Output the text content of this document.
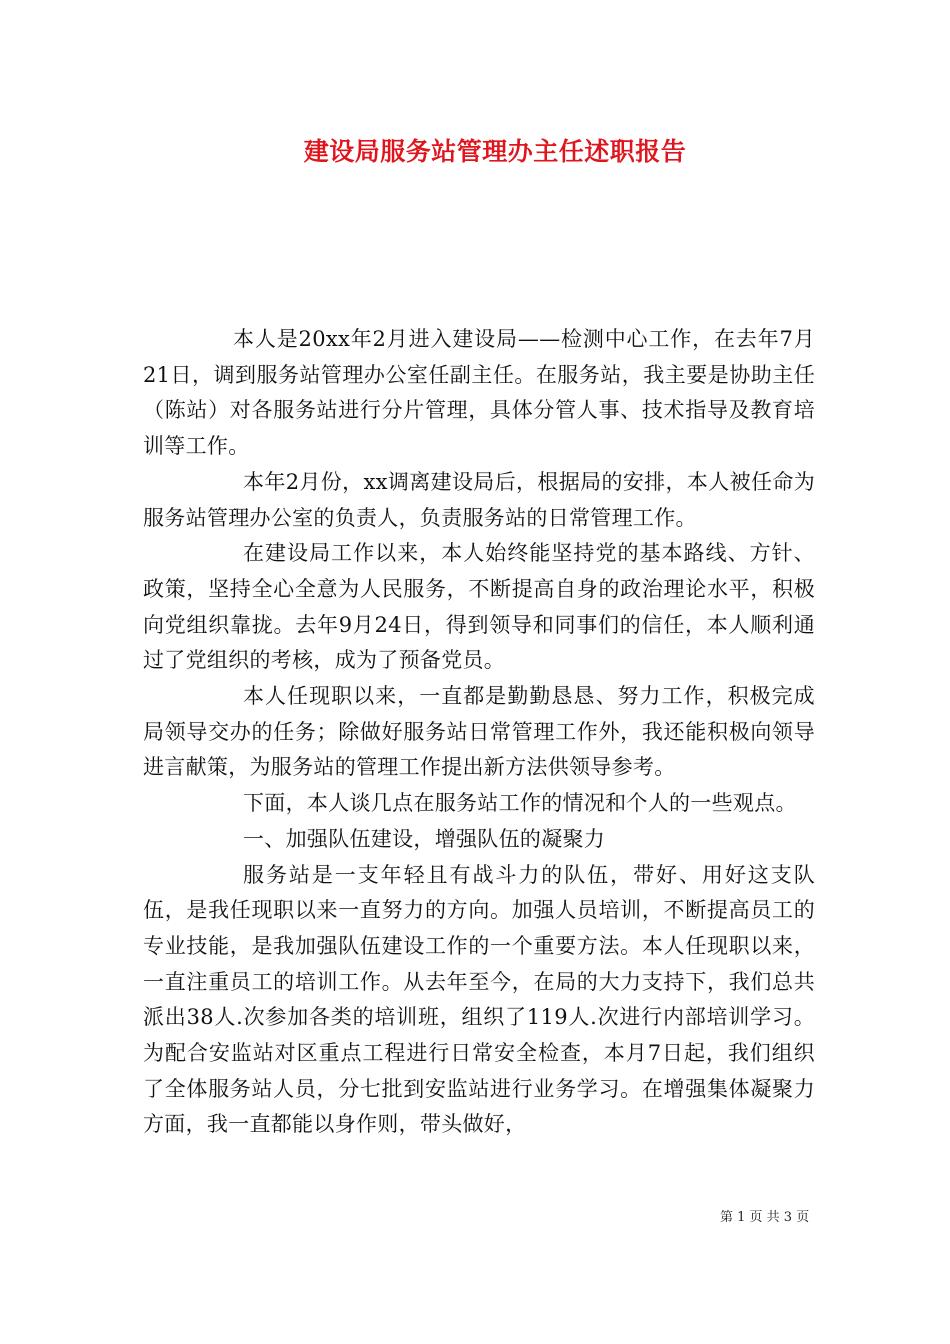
建设局服务站管理办主任述职报告

本人是20xx年2月进入建设局——检测中心工作，在去年7月21日，调到服务站管理办公室任副主任。在服务站，我主要是协助主任（陈站）对各服务站进行分片管理，具体分管人事、技术指导及教育培训等工作。

本年2月份，xx调离建设局后，根据局的安排，本人被任命为服务站管理办公室的负责人，负责服务站的日常管理工作。

在建设局工作以来，本人始终能坚持党的基本路线、方针、政策，坚持全心全意为人民服务，不断提高自身的政治理论水平，积极向党组织靠拢。去年9月24日，得到领导和同事们的信任，本人顺利通过了党组织的考核，成为了预备党员。

本人任现职以来，一直都是勤勤恳恳、努力工作，积极完成局领导交办的任务；除做好服务站日常管理工作外，我还能积极向领导进言献策，为服务站的管理工作提出新方法供领导参考。

下面，本人谈几点在服务站工作的情况和个人的一些观点。

一、加强队伍建设，增强队伍的凝聚力

服务站是一支年轻且有战斗力的队伍，带好、用好这支队伍，是我任现职以来一直努力的方向。加强人员培训，不断提高员工的专业技能，是我加强队伍建设工作的一个重要方法。本人任现职以来，一直注重员工的培训工作。从去年至今，在局的大力支持下，我们总共派出38人.次参加各类的培训班，组织了119人.次进行内部培训学习。为配合安监站对区重点工程进行日常安全检查，本月7日起，我们组织了全体服务站人员，分七批到安监站进行业务学习。在增强集体凝聚力方面，我一直都能以身作则，带头做好，

第 1 页 共 3 页
